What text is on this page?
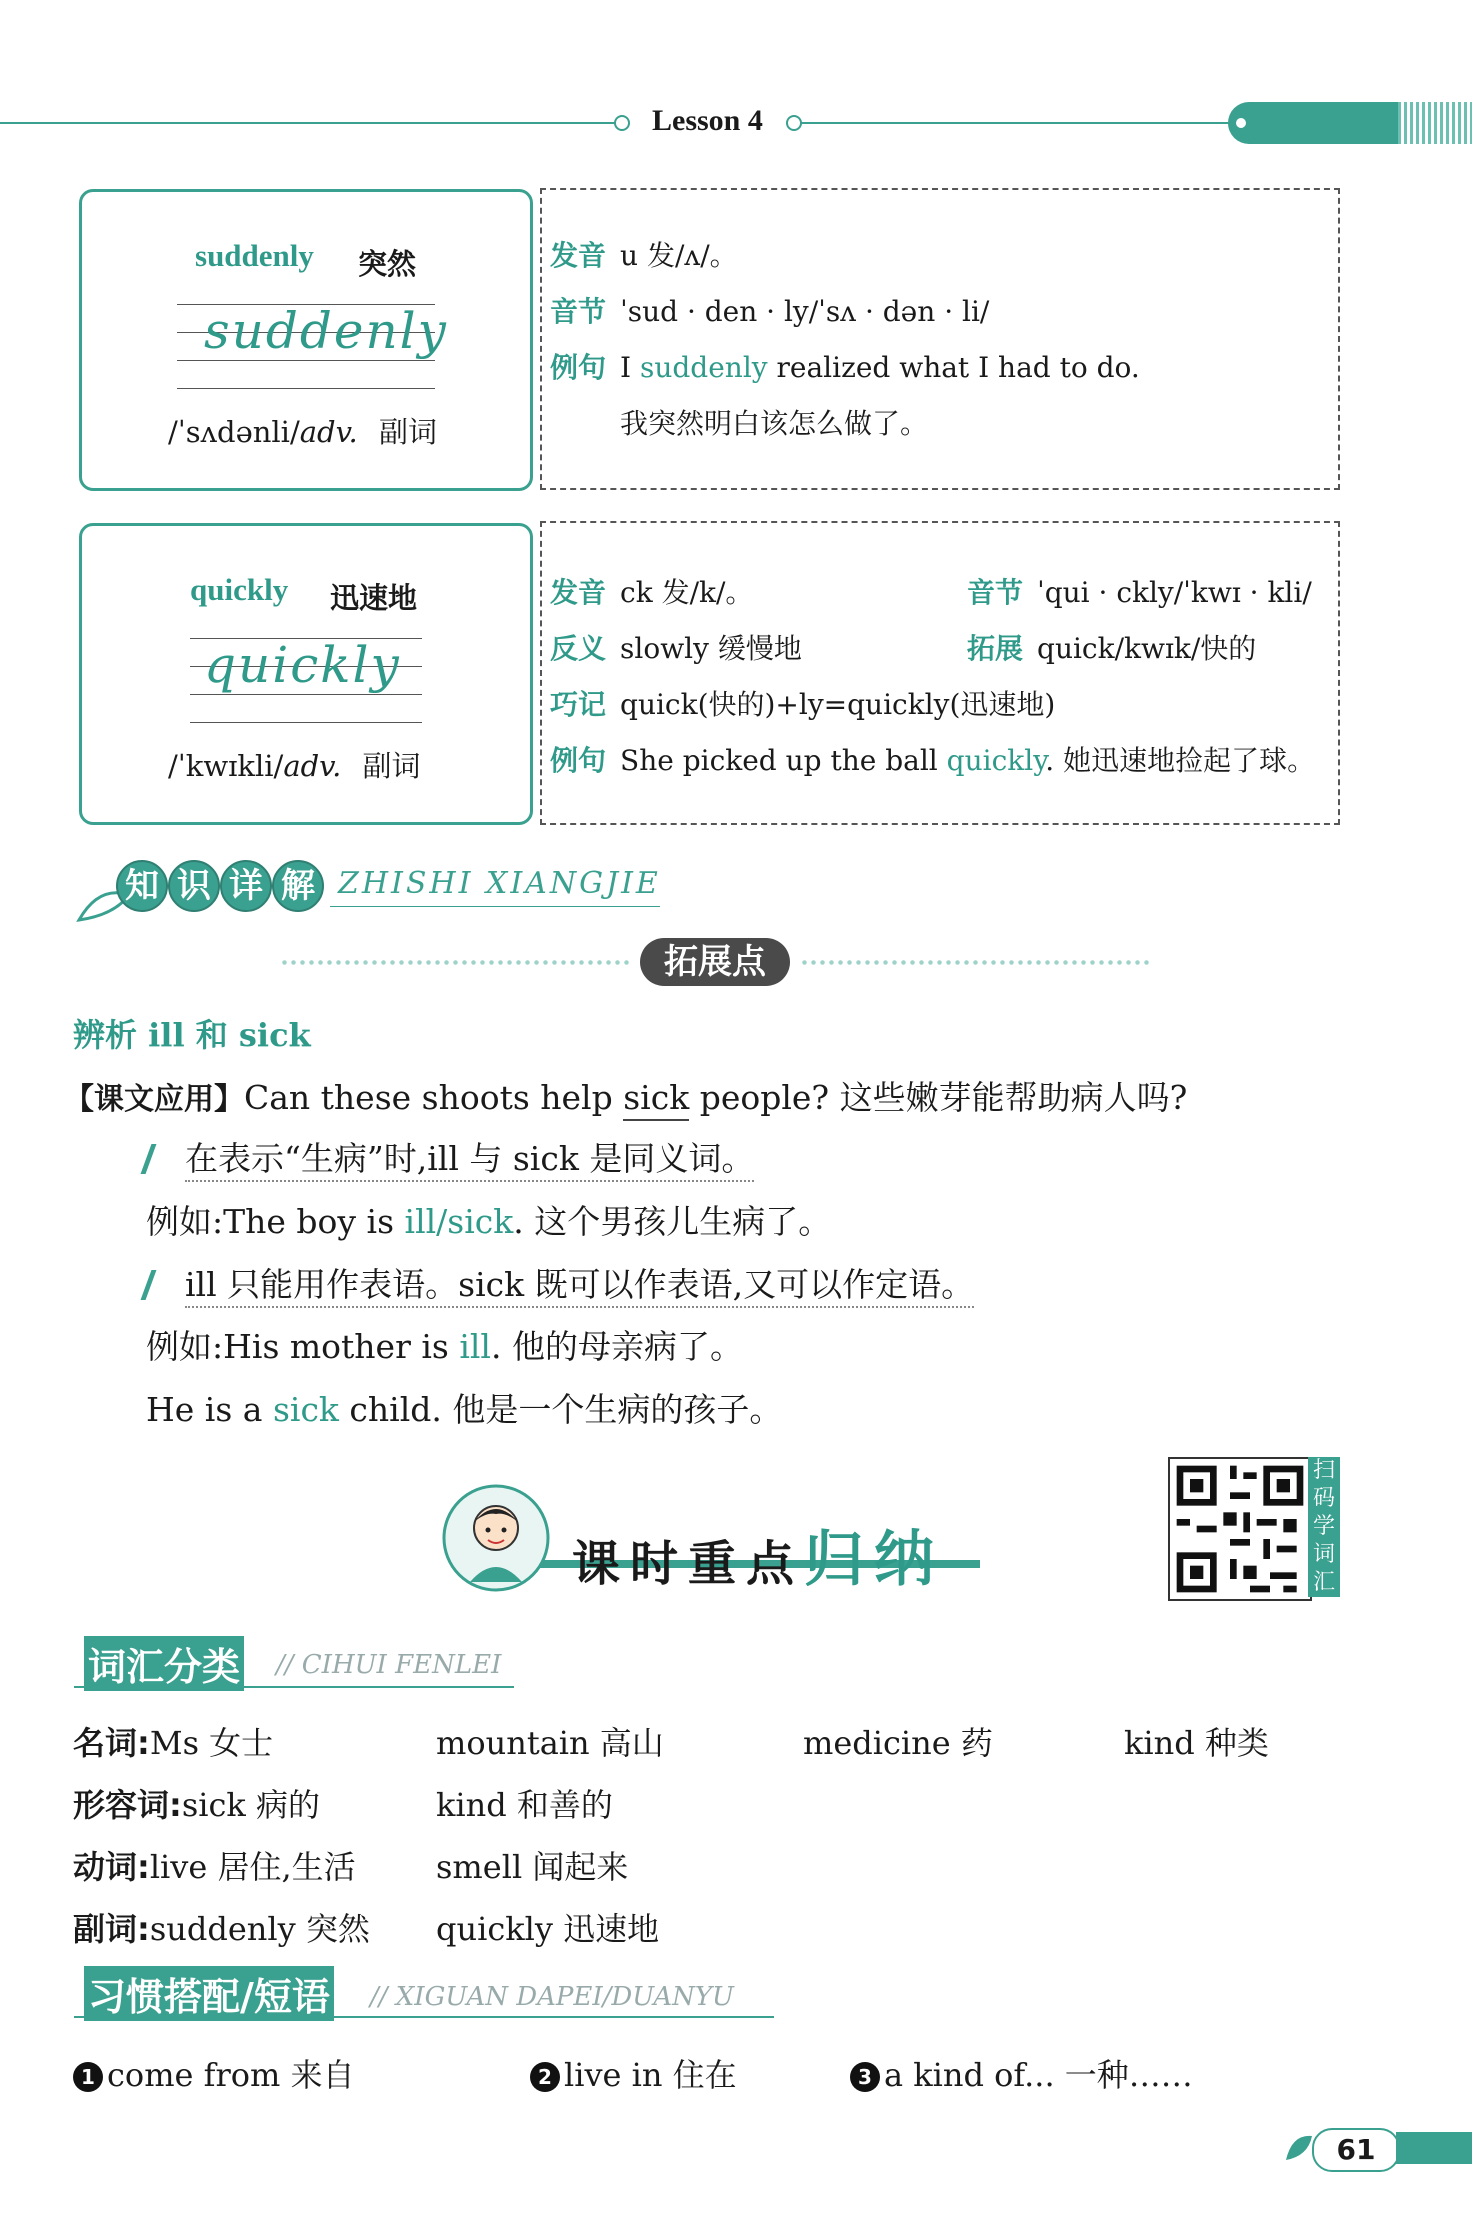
Lesson 4
suddenly 突然
suddenly
/ˈsʌdənli/adv. 副词
发音 u 发/ʌ/。
音节 ˈsud · den · ly/ˈsʌ · dən · li/
例句 I suddenly realized what I had to do.
我突然明白该怎么做了。
quickly 迅速地
quickly
/ˈkwɪkli/adv. 副词
发音 ck 发/k/。	音节 ˈqui · ckly/ˈkwɪ · kli/
反义 slowly 缓慢地	拓展 quick/kwɪk/快的
巧记 quick(快的)+ly=quickly(迅速地)
例句 She picked up the ball quickly. 她迅速地捡起了球。
知 识 详 解 ZHISHI XIANGJIE
拓展点
辨析 ill 和 sick
【课文应用】Can these shoots help sick people? 这些嫩芽能帮助病人吗?
在表示“生病”时,ill 与 sick 是同义词。
例如:The boy is ill/sick. 这个男孩儿生病了。
ill 只能用作表语。sick 既可以作表语,又可以作定语。
例如:His mother is ill. 他的母亲病了。
He is a sick child. 他是一个生病的孩子。
课时重点归纳
扫
码
学
词
汇
词汇分类 // CIHUI FENLEI
名词:Ms 女士	mountain 高山	medicine 药	kind 种类
形容词:sick 病的	kind 和善的
动词:live 居住,生活	smell 闻起来
副词:suddenly 突然 quickly 迅速地
习惯搭配/短语 // XIGUAN DAPEI/DUANYU
1 come from 来自	2 live in 住在	3 a kind of... 一种……
61
